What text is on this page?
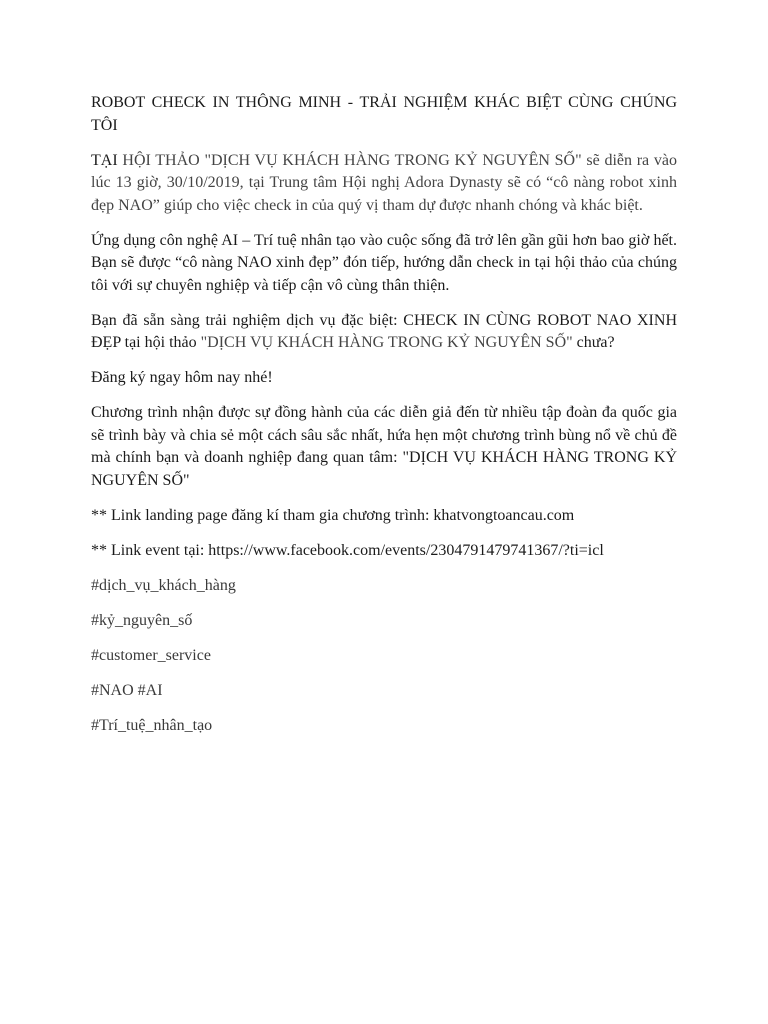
ROBOT CHECK IN THÔNG MINH - TRẢI NGHIỆM KHÁC BIỆT CÙNG CHÚNG TÔI

TẠI HỘI THẢO "DỊCH VỤ KHÁCH HÀNG TRONG KỶ NGUYÊN SỐ" sẽ diễn ra vào lúc 13 giờ, 30/10/2019, tại Trung tâm Hội nghị Adora Dynasty sẽ có “cô nàng robot xinh đẹp NAO” giúp cho việc check in của quý vị tham dự được nhanh chóng và khác biệt.

Ứng dụng côn nghệ AI – Trí tuệ nhân tạo vào cuộc sống đã trở lên gần gũi hơn bao giờ hết. Bạn sẽ được “cô nàng NAO xinh đẹp” đón tiếp, hướng dẫn check in tại hội thảo của chúng tôi với sự chuyên nghiệp và tiếp cận vô cùng thân thiện.

Bạn đã sẵn sàng trải nghiệm dịch vụ đặc biệt: CHECK IN CÙNG ROBOT NAO XINH ĐẸP tại hội thảo "DỊCH VỤ KHÁCH HÀNG TRONG KỶ NGUYÊN SỐ" chưa?

Đăng ký ngay hôm nay nhé!

Chương trình nhận được sự đồng hành của các diễn giả đến từ nhiều tập đoàn đa quốc gia sẽ trình bày và chia sẻ một cách sâu sắc nhất, hứa hẹn một chương trình bùng nổ về chủ đề mà chính bạn và doanh nghiệp đang quan tâm: "DỊCH VỤ KHÁCH HÀNG TRONG KỶ NGUYÊN SỐ"

** Link landing page đăng kí tham gia chương trình: khatvongtoancau.com

** Link event tại: https://www.facebook.com/events/2304791479741367/?ti=icl

#dịch_vụ_khách_hàng

#kỷ_nguyên_số

#customer_service

#NAO #AI

#Trí_tuệ_nhân_tạo
